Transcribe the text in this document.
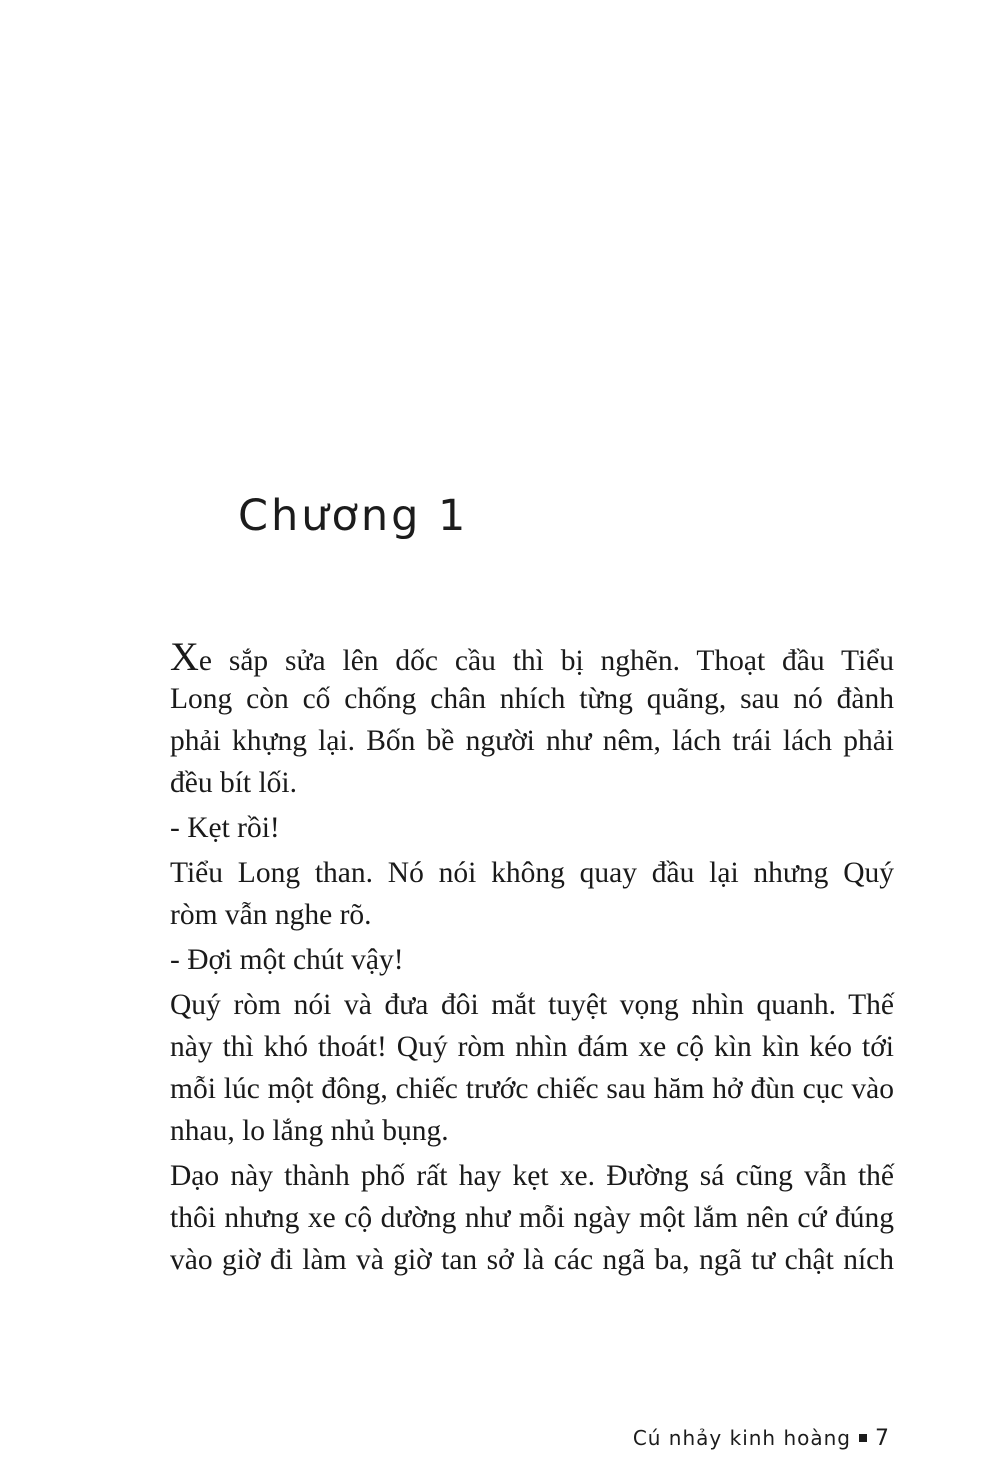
Chương 1
Xe sắp sửa lên dốc cầu thì bị nghẽn. Thoạt đầu Tiểu
Long còn cố chống chân nhích từng quãng, sau nó đành
phải khựng lại. Bốn bề người như nêm, lách trái lách phải
đều bít lối.
- Kẹt rồi!
Tiểu Long than. Nó nói không quay đầu lại nhưng Quý
ròm vẫn nghe rõ.
- Đợi một chút vậy!
Quý ròm nói và đưa đôi mắt tuyệt vọng nhìn quanh. Thế
này thì khó thoát! Quý ròm nhìn đám xe cộ kìn kìn kéo tới
mỗi lúc một đông, chiếc trước chiếc sau hăm hở đùn cục vào
nhau, lo lắng nhủ bụng.
Dạo này thành phố rất hay kẹt xe. Đường sá cũng vẫn thế
thôi nhưng xe cộ dường như mỗi ngày một lắm nên cứ đúng
vào giờ đi làm và giờ tan sở là các ngã ba, ngã tư chật ních
Cú nhảy kinh hoàng 7
